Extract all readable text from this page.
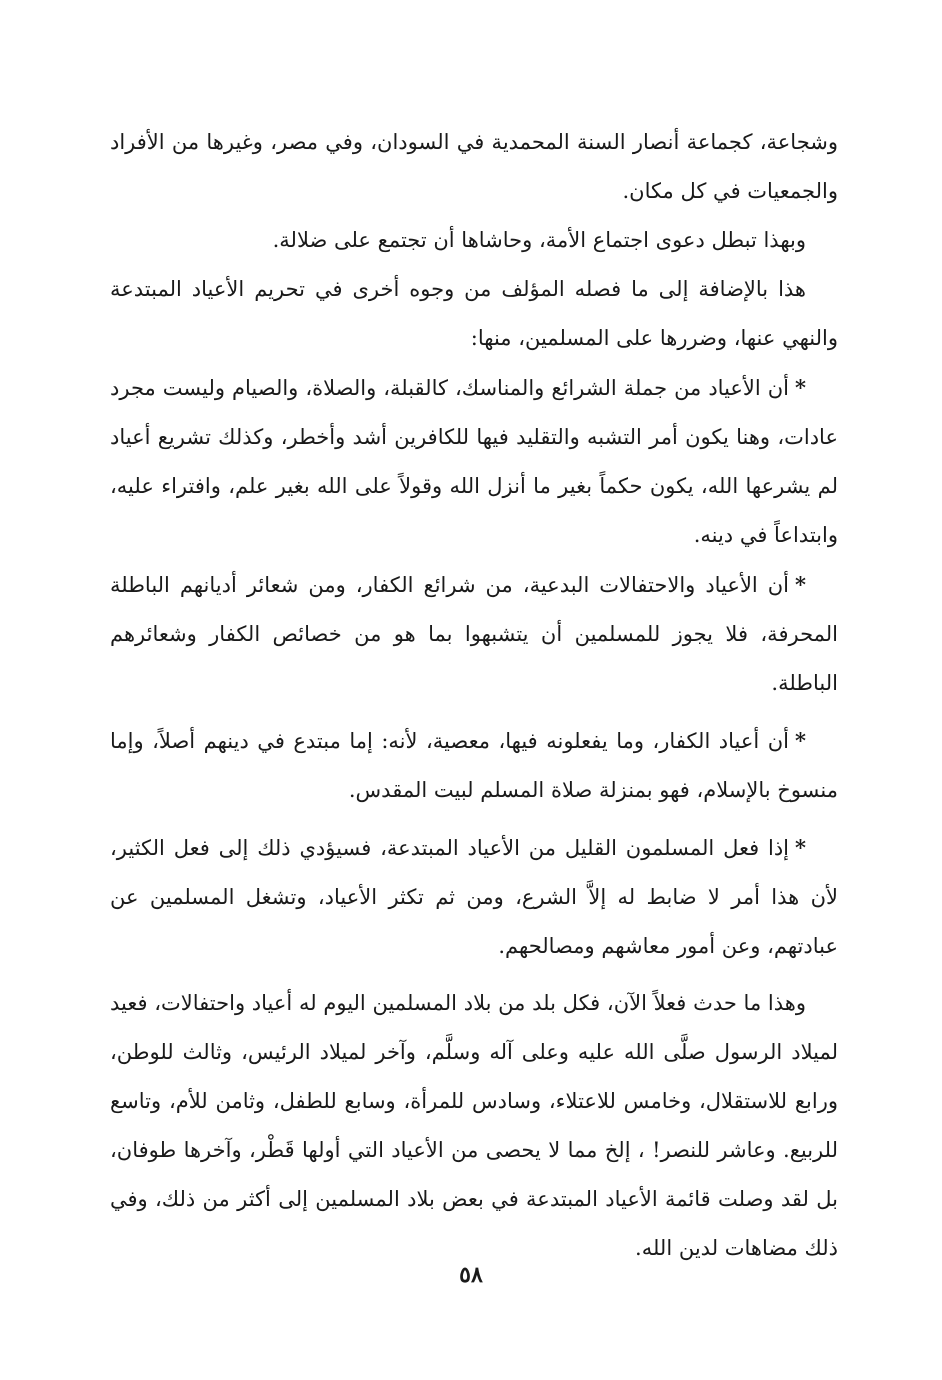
وشجاعة، كجماعة أنصار السنة المحمدية في السودان، وفي مصر، وغيرها من الأفراد والجمعيات في كل مكان.

وبهذا تبطل دعوى اجتماع الأمة، وحاشاها أن تجتمع على ضلالة.

هذا بالإضافة إلى ما فصله المؤلف من وجوه أخرى في تحريم الأعياد المبتدعة والنهي عنها، وضررها على المسلمين، منها:

*أن الأعياد من جملة الشرائع والمناسك، كالقبلة، والصلاة، والصيام وليست مجرد عادات، وهنا يكون أمر التشبه والتقليد فيها للكافرين أشد وأخطر، وكذلك تشريع أعياد لم يشرعها الله، يكون حكماً بغير ما أنزل الله وقولاً على الله بغير علم، وافتراء عليه، وابتداعاً في دينه.

*أن الأعياد والاحتفالات البدعية، من شرائع الكفار، ومن شعائر أديانهم الباطلة المحرفة، فلا يجوز للمسلمين أن يتشبهوا بما هو من خصائص الكفار وشعائرهم الباطلة.

*أن أعياد الكفار، وما يفعلونه فيها، معصية، لأنه: إما مبتدع في دينهم أصلاً، وإما منسوخ بالإسلام، فهو بمنزلة صلاة المسلم لبيت المقدس.

*إذا فعل المسلمون القليل من الأعياد المبتدعة، فسيؤدي ذلك إلى فعل الكثير، لأن هذا أمر لا ضابط له إلاَّ الشرع، ومن ثم تكثر الأعياد، وتشغل المسلمين عن عبادتهم، وعن أمور معاشهم ومصالحهم.

وهذا ما حدث فعلاً الآن، فكل بلد من بلاد المسلمين اليوم له أعياد واحتفالات، فعيد لميلاد الرسول صلَّى الله عليه وعلى آله وسلَّم، وآخر لميلاد الرئيس، وثالث للوطن، ورابع للاستقلال، وخامس للاعتلاء، وسادس للمرأة، وسابع للطفل، وثامن للأم، وتاسع للربيع. وعاشر للنصر! ، إلخ مما لا يحصى من الأعياد التي أولها قَطْر، وآخرها طوفان، بل لقد وصلت قائمة الأعياد المبتدعة في بعض بلاد المسلمين إلى أكثر من ذلك، وفي ذلك مضاهات لدين الله.

٥٨
